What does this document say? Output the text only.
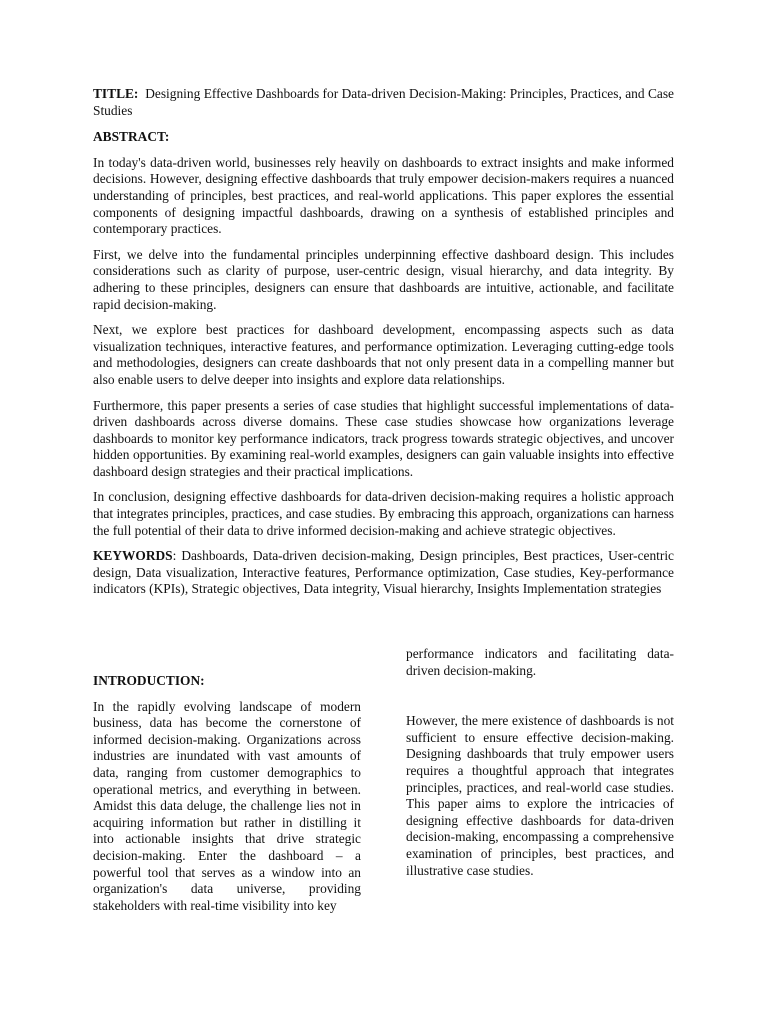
TITLE: Designing Effective Dashboards for Data-driven Decision-Making: Principles, Practices, and Case Studies

ABSTRACT:

In today's data-driven world, businesses rely heavily on dashboards to extract insights and make informed decisions. However, designing effective dashboards that truly empower decision-makers requires a nuanced understanding of principles, best practices, and real-world applications. This paper explores the essential components of designing impactful dashboards, drawing on a synthesis of established principles and contemporary practices.

First, we delve into the fundamental principles underpinning effective dashboard design. This includes considerations such as clarity of purpose, user-centric design, visual hierarchy, and data integrity. By adhering to these principles, designers can ensure that dashboards are intuitive, actionable, and facilitate rapid decision-making.

Next, we explore best practices for dashboard development, encompassing aspects such as data visualization techniques, interactive features, and performance optimization. Leveraging cutting-edge tools and methodologies, designers can create dashboards that not only present data in a compelling manner but also enable users to delve deeper into insights and explore data relationships.

Furthermore, this paper presents a series of case studies that highlight successful implementations of data-driven dashboards across diverse domains. These case studies showcase how organizations leverage dashboards to monitor key performance indicators, track progress towards strategic objectives, and uncover hidden opportunities. By examining real-world examples, designers can gain valuable insights into effective dashboard design strategies and their practical implications.

In conclusion, designing effective dashboards for data-driven decision-making requires a holistic approach that integrates principles, practices, and case studies. By embracing this approach, organizations can harness the full potential of their data to drive informed decision-making and achieve strategic objectives.

KEYWORDS: Dashboards, Data-driven decision-making, Design principles, Best practices, User-centric design, Data visualization, Interactive features, Performance optimization, Case studies, Key-performance indicators (KPIs), Strategic objectives, Data integrity, Visual hierarchy, Insights Implementation strategies

INTRODUCTION:

In the rapidly evolving landscape of modern business, data has become the cornerstone of informed decision-making. Organizations across industries are inundated with vast amounts of data, ranging from customer demographics to operational metrics, and everything in between. Amidst this data deluge, the challenge lies not in acquiring information but rather in distilling it into actionable insights that drive strategic decision-making. Enter the dashboard – a powerful tool that serves as a window into an organization's data universe, providing stakeholders with real-time visibility into key

performance indicators and facilitating data-driven decision-making.

However, the mere existence of dashboards is not sufficient to ensure effective decision-making. Designing dashboards that truly empower users requires a thoughtful approach that integrates principles, practices, and real-world case studies. This paper aims to explore the intricacies of designing effective dashboards for data-driven decision-making, encompassing a comprehensive examination of principles, best practices, and illustrative case studies.
